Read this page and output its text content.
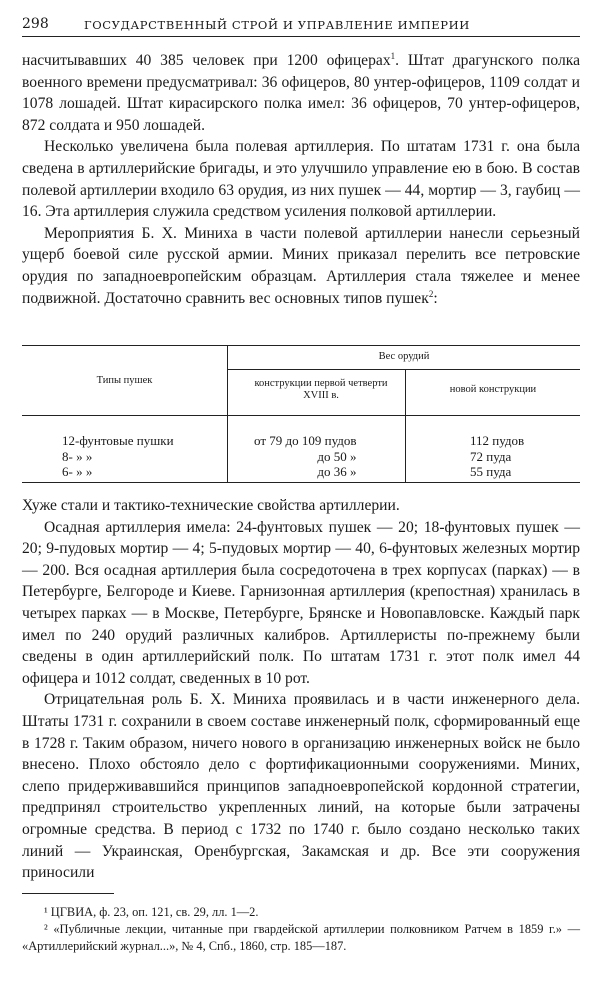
298	ГОСУДАРСТВЕННЫЙ СТРОЙ И УПРАВЛЕНИЕ ИМПЕРИИ

насчитывавших 40 385 человек при 1200 офицерах$^1$. Штат драгунского полка военного времени предусматривал: 36 офицеров, 80 унтер-офицеров, 1109 солдат и 1078 лошадей. Штат кирасирского полка имел: 36 офицеров, 70 унтер-офицеров, 872 солдата и 950 лошадей.

Несколько увеличена была полевая артиллерия. По штатам 1731 г. она была сведена в артиллерийские бригады, и это улучшило управление ею в бою. В состав полевой артиллерии входило 63 орудия, из них пушек — 44, мортир — 3, гаубиц — 16. Эта артиллерия служила средством усиления полковой артиллерии.

Мероприятия Б. Х. Миниха в части полевой артиллерии нанесли серьезный ущерб боевой силе русской армии. Миних приказал перелить все петровские орудия по западноевропейским образцам. Артиллерия стала тяжелее и менее подвижной. Достаточно сравнить вес основных типов пушек$^2$:

Типы пушек
Вес орудий
конструкции первой четверти XVIII в.
новой конструкции
12-фунтовые пушки
8- » »
6- » »
от 79 до 109 пудов
до 50 »
до 36 »
112 пудов
72 пуда
55 пуда

Хуже стали и тактико-технические свойства артиллерии.

Осадная артиллерия имела: 24-фунтовых пушек — 20; 18-фунтовых пушек — 20; 9-пудовых мортир — 4; 5-пудовых мортир — 40, 6-фунтовых железных мортир — 200. Вся осадная артиллерия была сосредоточена в трех корпусах (парках) — в Петербурге, Белгороде и Киеве. Гарнизонная артиллерия (крепостная) хранилась в четырех парках — в Москве, Петербурге, Брянске и Новопавловске. Каждый парк имел по 240 орудий различных калибров. Артиллеристы по-прежнему были сведены в один артиллерийский полк. По штатам 1731 г. этот полк имел 44 офицера и 1012 солдат, сведенных в 10 рот.

Отрицательная роль Б. Х. Миниха проявилась и в части инженерного дела. Штаты 1731 г. сохранили в своем составе инженерный полк, сформированный еще в 1728 г. Таким образом, ничего нового в организацию инженерных войск не было внесено. Плохо обстояло дело с фортификационными сооружениями. Миних, слепо придерживавшийся принципов западноевропейской кордонной стратегии, предпринял строительство укрепленных линий, на которые были затрачены огромные средства. В период с 1732 по 1740 г. было создано несколько таких линий — Украинская, Оренбургская, Закамская и др. Все эти сооружения приносили

¹ ЦГВИА, ф. 23, оп. 121, св. 29, лл. 1—2.

² «Публичные лекции, читанные при гвардейской артиллерии полковником Ратчем в 1859 г.» — «Артиллерийский журнал...», № 4, Спб., 1860, стр. 185—187.
